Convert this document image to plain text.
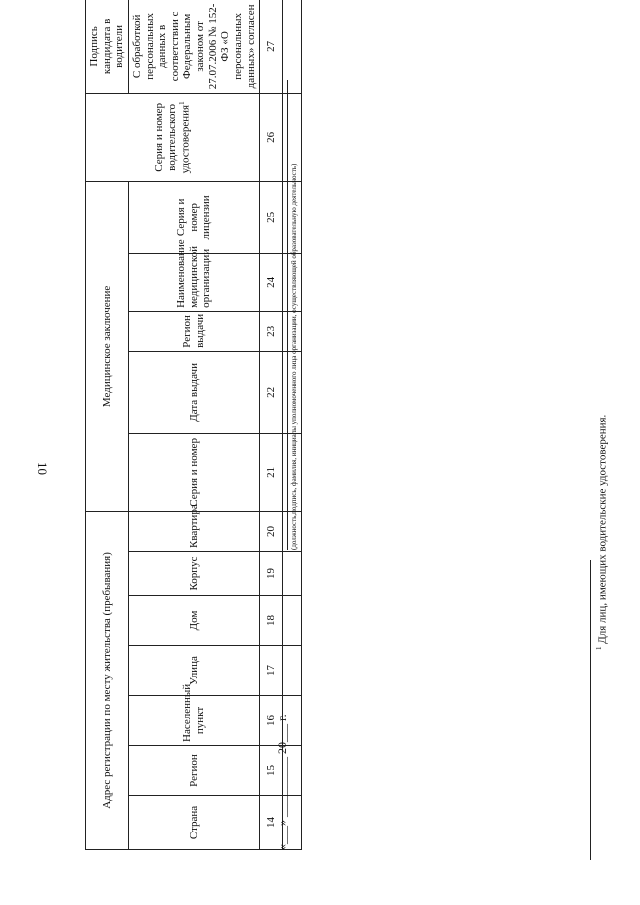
10
Адрес регистрации по месту жительства (пребывания)							Медицинское заключение					Серия и номер водительского удостоверения$^1$	Подпись кандидата в водители
Страна	Регион	Населенный пункт	Улица	Дом	Корпус	Квартира	Серия и номер	Дата выдачи	Регион выдачи	Наименование медицинской организации	Серия и номер лицензии		С обработкой персональных данных в соответствии с Федеральным законом от 27.07.2006 № 152-ФЗ «О персональных данных» согласен
14	15	16	17	18	19	20	21	22	23	24	25	26	27

«___» __________ 20___ г.
(должность,подпись, фамилия, инициалы уполномоченного лица организации, осуществляющей образовательную деятельность)
$^1$ Для лиц, имеющих водительские удостоверения.
